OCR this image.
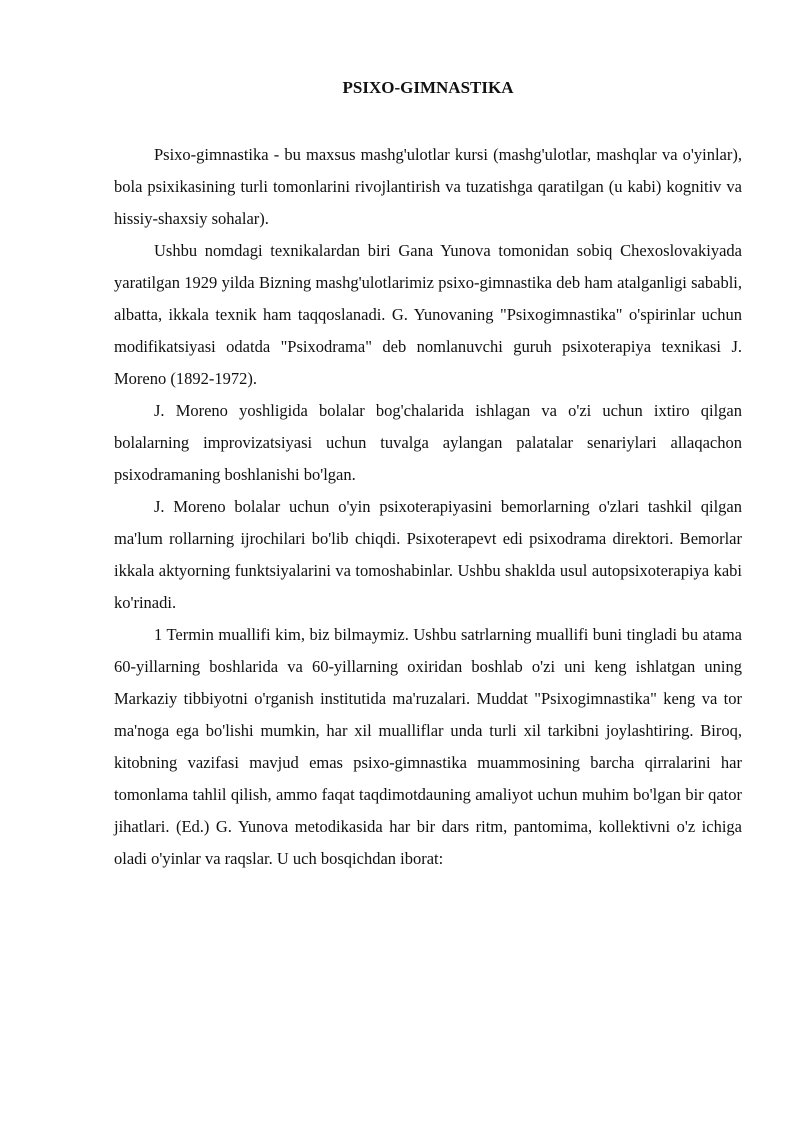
PSIXO-GIMNASTIKA

Psixo-gimnastika - bu maxsus mashg'ulotlar kursi (mashg'ulotlar, mashqlar va o'yinlar), bola psixikasining turli tomonlarini rivojlantirish va tuzatishga qaratilgan (u kabi) kognitiv va hissiy-shaxsiy sohalar).

Ushbu nomdagi texnikalardan biri Gana Yunova tomonidan sobiq Chexoslovakiyada yaratilgan 1929 yilda Bizning mashg'ulotlarimiz psixo-gimnastika deb ham atalganligi sababli, albatta, ikkala texnik ham taqqoslanadi. G. Yunovaning "Psixogimnastika" o'spirinlar uchun modifikatsiyasi odatda "Psixodrama" deb nomlanuvchi guruh psixoterapiya texnikasi J. Moreno (1892-1972).

J. Moreno yoshligida bolalar bog'chalarida ishlagan va o'zi uchun ixtiro qilgan bolalarning improvizatsiyasi uchun tuvalga aylangan palatalar senariylari allaqachon psixodramaning boshlanishi bo'lgan.

J. Moreno bolalar uchun o'yin psixoterapiyasini bemorlarning o'zlari tashkil qilgan ma'lum rollarning ijrochilari bo'lib chiqdi. Psixoterapevt edi psixodrama direktori. Bemorlar ikkala aktyorning funktsiyalarini va tomoshabinlar. Ushbu shaklda usul autopsixoterapiya kabi ko'rinadi.

1 Termin muallifi kim, biz bilmaymiz. Ushbu satrlarning muallifi buni tingladi bu atama 60-yillarning boshlarida va 60-yillarning oxiridan boshlab o'zi uni keng ishlatgan uning Markaziy tibbiyotni o'rganish institutida ma'ruzalari. Muddat "Psixogimnastika" keng va tor ma'noga ega bo'lishi mumkin, har xil mualliflar unda turli xil tarkibni joylashtiring. Biroq, kitobning vazifasi mavjud emas psixo-gimnastika muammosining barcha qirralarini har tomonlama tahlil qilish, ammo faqat taqdimotdauning amaliyot uchun muhim bo'lgan bir qator jihatlari. (Ed.) G. Yunova metodikasida har bir dars ritm, pantomima, kollektivni o'z ichiga oladi o'yinlar va raqslar. U uch bosqichdan iborat:
